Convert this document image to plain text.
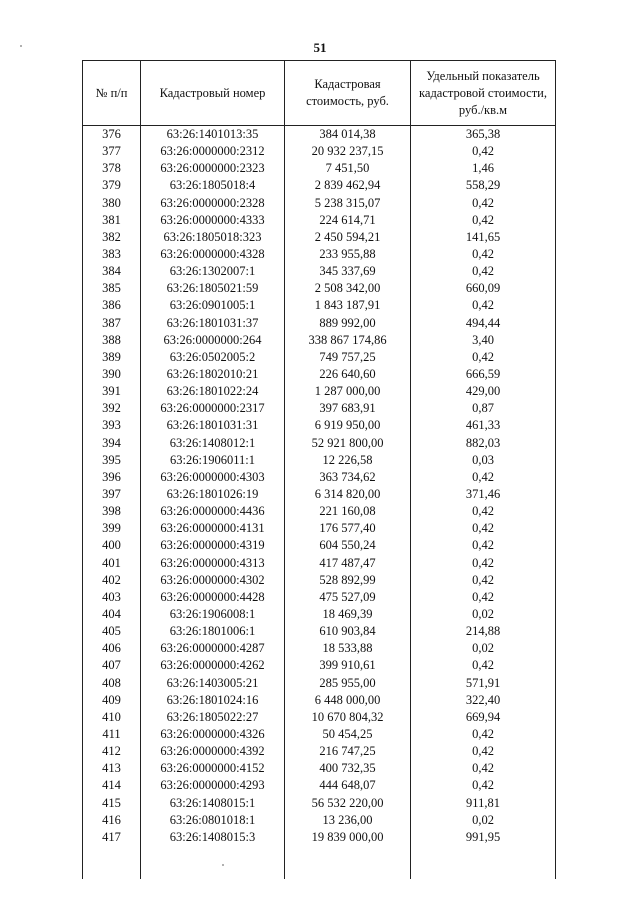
51
№ п/п	Кадастровый номер	Кадастровая стоимость, руб.	Удельный показатель кадастровой стоимости, руб./кв.м
376	63:26:1401013:35	384 014,38	365,38
377	63:26:0000000:2312	20 932 237,15	0,42
378	63:26:0000000:2323	7 451,50	1,46
379	63:26:1805018:4	2 839 462,94	558,29
380	63:26:0000000:2328	5 238 315,07	0,42
381	63:26:0000000:4333	224 614,71	0,42
382	63:26:1805018:323	2 450 594,21	141,65
383	63:26:0000000:4328	233 955,88	0,42
384	63:26:1302007:1	345 337,69	0,42
385	63:26:1805021:59	2 508 342,00	660,09
386	63:26:0901005:1	1 843 187,91	0,42
387	63:26:1801031:37	889 992,00	494,44
388	63:26:0000000:264	338 867 174,86	3,40
389	63:26:0502005:2	749 757,25	0,42
390	63:26:1802010:21	226 640,60	666,59
391	63:26:1801022:24	1 287 000,00	429,00
392	63:26:0000000:2317	397 683,91	0,87
393	63:26:1801031:31	6 919 950,00	461,33
394	63:26:1408012:1	52 921 800,00	882,03
395	63:26:1906011:1	12 226,58	0,03
396	63:26:0000000:4303	363 734,62	0,42
397	63:26:1801026:19	6 314 820,00	371,46
398	63:26:0000000:4436	221 160,08	0,42
399	63:26:0000000:4131	176 577,40	0,42
400	63:26:0000000:4319	604 550,24	0,42
401	63:26:0000000:4313	417 487,47	0,42
402	63:26:0000000:4302	528 892,99	0,42
403	63:26:0000000:4428	475 527,09	0,42
404	63:26:1906008:1	18 469,39	0,02
405	63:26:1801006:1	610 903,84	214,88
406	63:26:0000000:4287	18 533,88	0,02
407	63:26:0000000:4262	399 910,61	0,42
408	63:26:1403005:21	285 955,00	571,91
409	63:26:1801024:16	6 448 000,00	322,40
410	63:26:1805022:27	10 670 804,32	669,94
411	63:26:0000000:4326	50 454,25	0,42
412	63:26:0000000:4392	216 747,25	0,42
413	63:26:0000000:4152	400 732,35	0,42
414	63:26:0000000:4293	444 648,07	0,42
415	63:26:1408015:1	56 532 220,00	911,81
416	63:26:0801018:1	13 236,00	0,02
417	63:26:1408015:3	19 839 000,00	991,95
